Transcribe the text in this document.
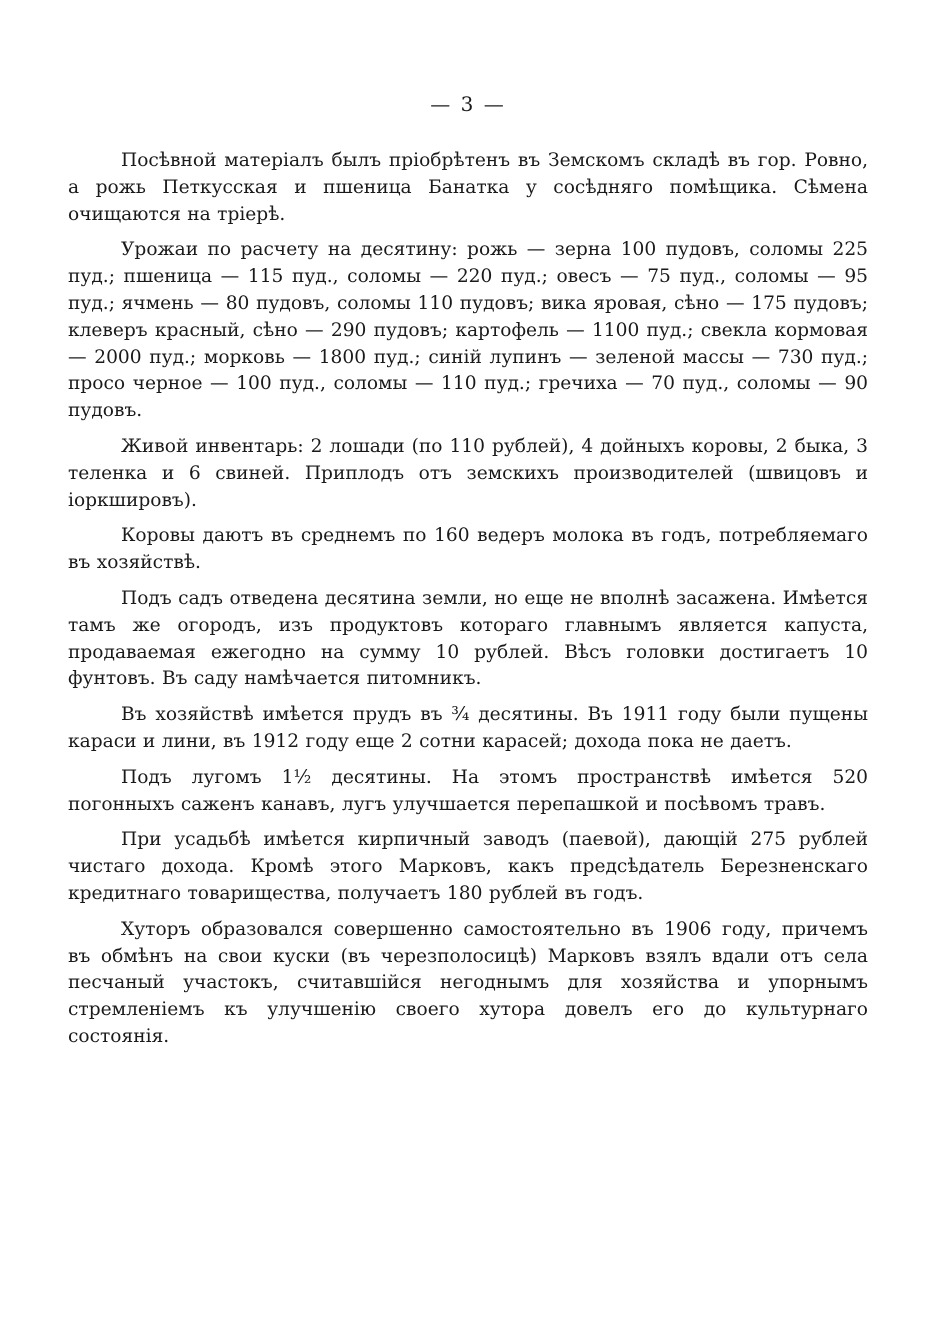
— 3 —

Посѣвной матеріалъ былъ пріобрѣтенъ въ Земскомъ складѣ въ гор. Ровно, а рожь Петкусская и пшеница Банатка у сосѣдняго помѣщика. Сѣмена очищаются на тріерѣ.

Урожаи по расчету на десятину: рожь — зерна 100 пудовъ, соломы 225 пуд.; пшеница — 115 пуд., соломы — 220 пуд.; овесъ — 75 пуд., соломы — 95 пуд.; ячмень — 80 пудовъ, соломы 110 пудовъ; вика яровая, сѣно — 175 пудовъ; клеверъ красный, сѣно — 290 пудовъ; картофель — 1100 пуд.; свекла кормовая — 2000 пуд.; морковь — 1800 пуд.; синій лупинъ — зеленой массы — 730 пуд.; просо черное — 100 пуд., соломы — 110 пуд.; гречиха — 70 пуд., соломы — 90 пудовъ.

Живой инвентарь: 2 лошади (по 110 рублей), 4 дойныхъ коровы, 2 быка, 3 теленка и 6 свиней. Приплодъ отъ земскихъ производителей (швицовъ и іоркшировъ).

Коровы даютъ въ среднемъ по 160 ведеръ молока въ годъ, потребляемаго въ хозяйствѣ.

Подъ садъ отведена десятина земли, но еще не вполнѣ засажена. Имѣется тамъ же огородъ, изъ продуктовъ котораго главнымъ является капуста, продаваемая ежегодно на сумму 10 рублей. Вѣсъ головки достигаетъ 10 фунтовъ. Въ саду намѣчается питомникъ.

Въ хозяйствѣ имѣется прудъ въ ¾ десятины. Въ 1911 году были пущены караси и лини, въ 1912 году еще 2 сотни карасей; дохода пока не даетъ.

Подъ лугомъ 1½ десятины. На этомъ пространствѣ имѣется 520 погонныхъ саженъ канавъ, лугъ улучшается перепашкой и посѣвомъ травъ.

При усадьбѣ имѣется кирпичный заводъ (паевой), дающій 275 рублей чистаго дохода. Кромѣ этого Марковъ, какъ предсѣдатель Березненскаго кредитнаго товарищества, получаетъ 180 рублей въ годъ.

Хуторъ образовался совершенно самостоятельно въ 1906 году, причемъ въ обмѣнъ на свои куски (въ черезполосицѣ) Марковъ взялъ вдали отъ села песчаный участокъ, считавшійся негоднымъ для хозяйства и упорнымъ стремленіемъ къ улучшенію своего хутора довелъ его до культурнаго состоянія.
